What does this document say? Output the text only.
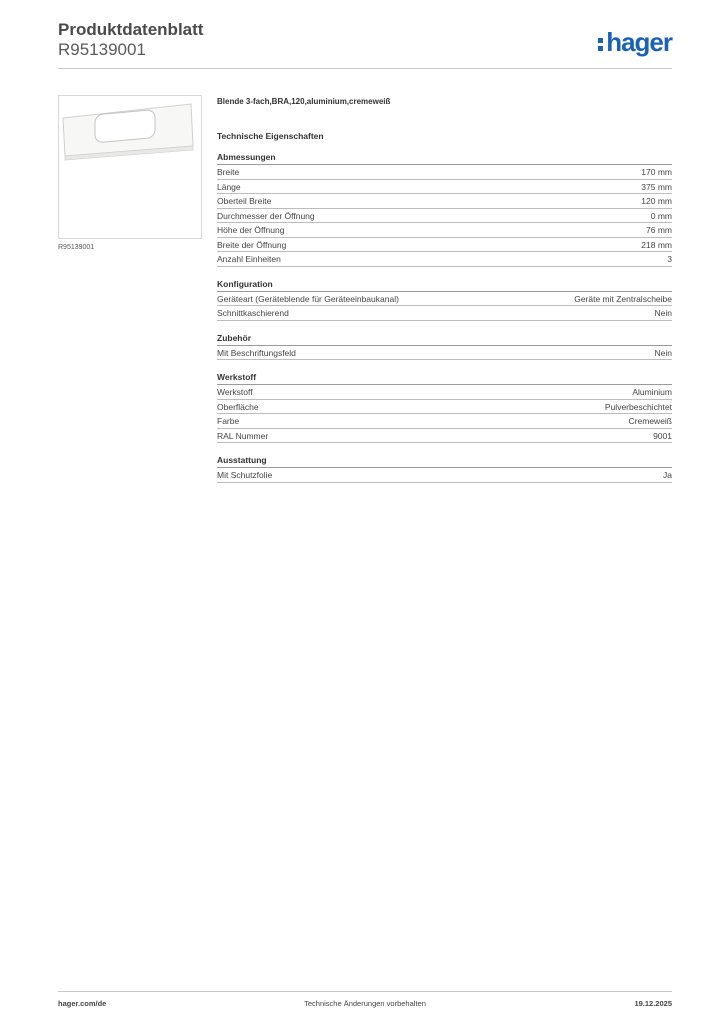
Produktdatenblatt
R95139001	hager
R95139001
Blende 3-fach,BRA,120,aluminium,cremeweiß
Technische Eigenschaften
Abmessungen
Breite	170 mm
Länge	375 mm
Oberteil Breite	120 mm
Durchmesser der Öffnung	0 mm
Höhe der Öffnung	76 mm
Breite der Öffnung	218 mm
Anzahl Einheiten	3
Konfiguration
Geräteart (Geräteblende für Geräteeinbaukanal)	Geräte mit Zentralscheibe
Schnittkaschierend	Nein
Zubehör
Mit Beschriftungsfeld	Nein
Werkstoff
Werkstoff	Aluminium
Oberfläche	Pulverbeschichtet
Farbe	Cremeweiß
RAL Nummer	9001
Ausstattung
Mit Schutzfolie	Ja
hager.com/de	Technische Änderungen vorbehalten	19.12.2025
